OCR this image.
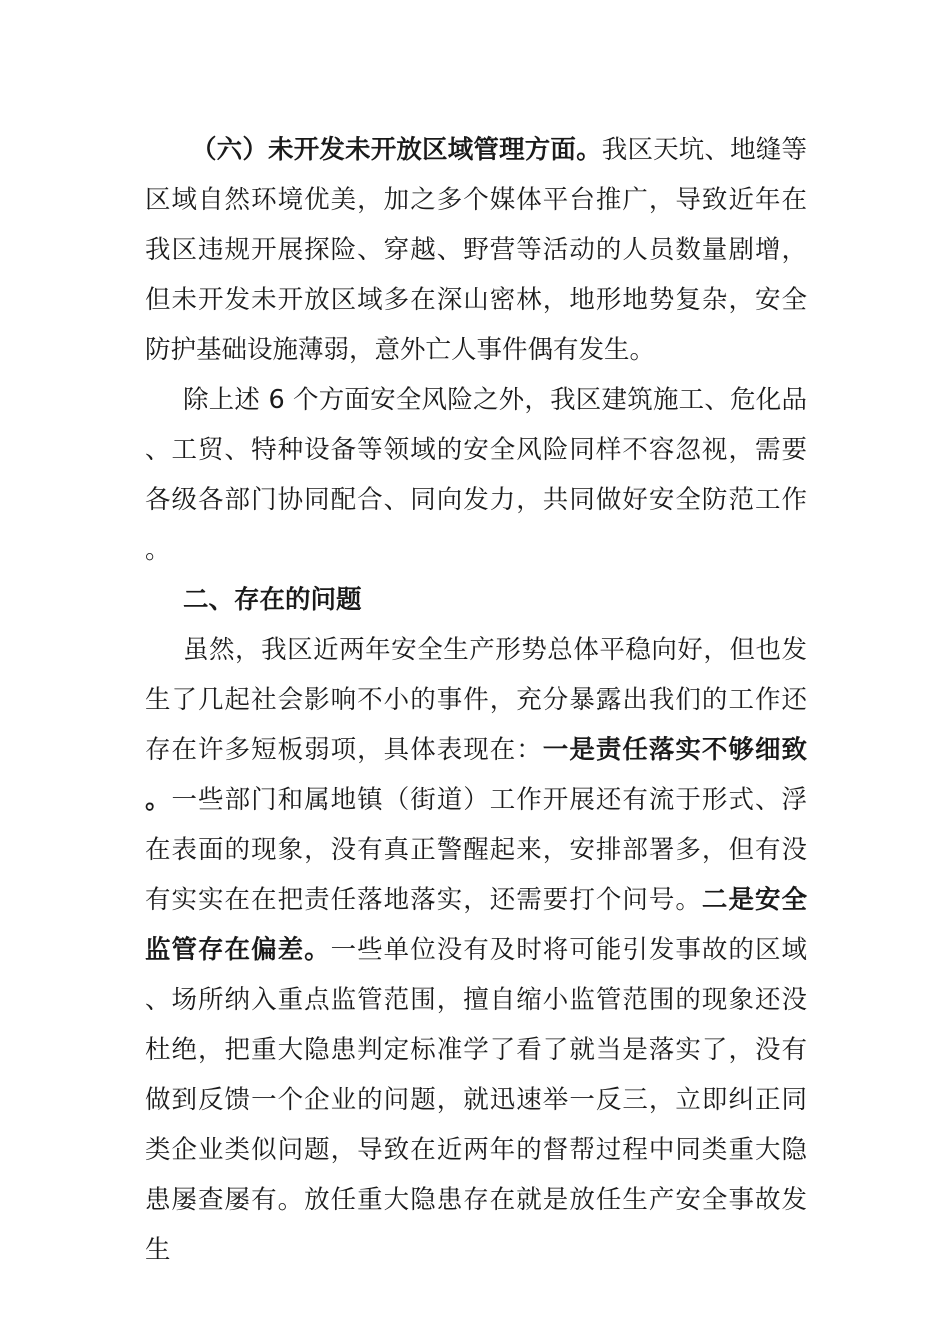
（六）未开发未开放区域管理方面。我区天坑、地缝等区域自然环境优美，加之多个媒体平台推广，导致近年在我区违规开展探险、穿越、野营等活动的人员数量剧增，但未开发未开放区域多在深山密林，地形地势复杂，安全防护基础设施薄弱，意外亡人事件偶有发生。

除上述 6 个方面安全风险之外，我区建筑施工、危化品、工贸、特种设备等领域的安全风险同样不容忽视，需要各级各部门协同配合、同向发力，共同做好安全防范工作。

二、存在的问题

虽然，我区近两年安全生产形势总体平稳向好，但也发生了几起社会影响不小的事件，充分暴露出我们的工作还存在许多短板弱项，具体表现在：一是责任落实不够细致。一些部门和属地镇（街道）工作开展还有流于形式、浮在表面的现象，没有真正警醒起来，安排部署多，但有没有实实在在把责任落地落实，还需要打个问号。二是安全监管存在偏差。一些单位没有及时将可能引发事故的区域、场所纳入重点监管范围，擅自缩小监管范围的现象还没杜绝，把重大隐患判定标准学了看了就当是落实了，没有做到反馈一个企业的问题，就迅速举一反三，立即纠正同类企业类似问题，导致在近两年的督帮过程中同类重大隐患屡查屡有。放任重大隐患存在就是放任生产安全事故发生
